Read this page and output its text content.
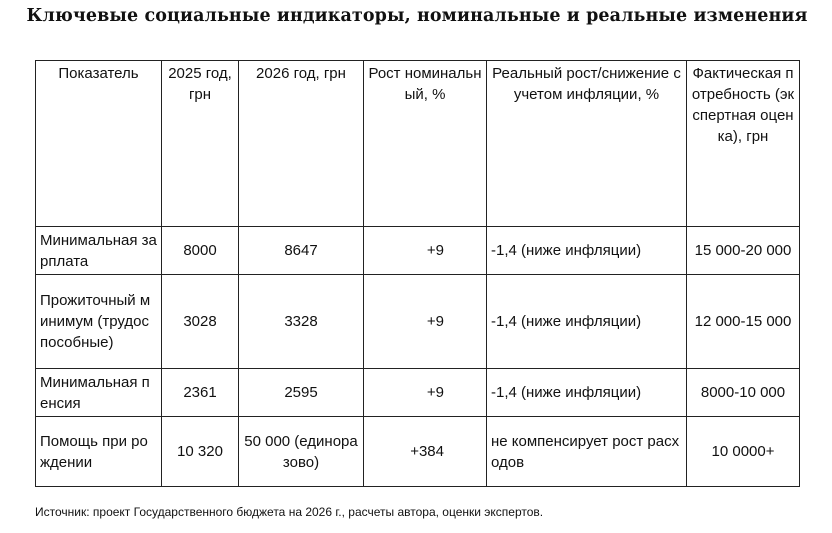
Ключевые социальные индикаторы, номинальные и реальные изменения
Показатель	2025 год, грн	2026 год, грн	Рост номинальный, %	Реальный рост/снижение с учетом инфляции, %	Фактическая потребность (экспертная оценка), грн
Минимальная зарплата	8000	8647	+9	-1,4 (ниже инфляции)	15 000-20 000
Прожиточный минимум (трудоспособные)	3028	3328	+9	-1,4 (ниже инфляции)	12 000-15 000
Минимальная пенсия	2361	2595	+9	-1,4 (ниже инфляции)	8000-10 000
Помощь при рождении	10 320	50 000 (единоразово)	+384	не компенсирует рост расходов	10 0000+
Источник: проект Государственного бюджета на 2026 г., расчеты автора, оценки экспертов.
